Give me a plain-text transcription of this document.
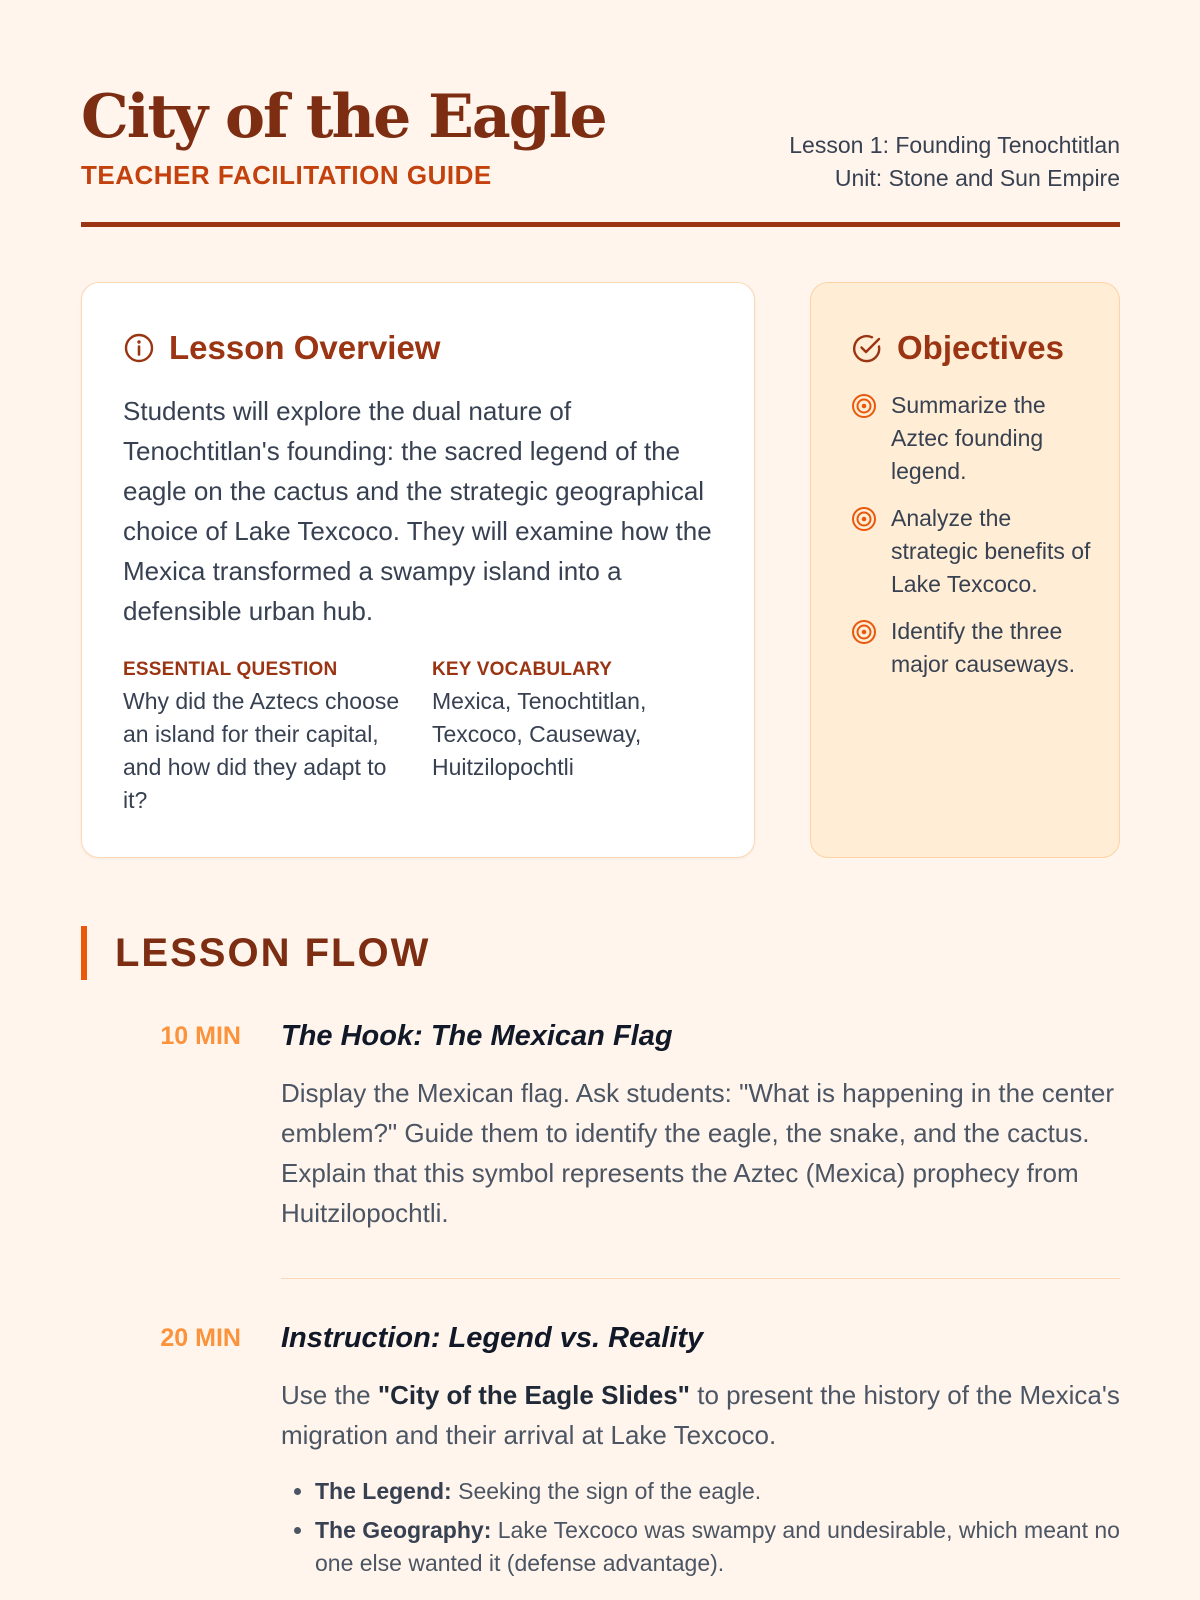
City of the Eagle
TEACHER FACILITATION GUIDE
Lesson 1: Founding Tenochtitlan
Unit: Stone and Sun Empire
Lesson Overview
Students will explore the dual nature of Tenochtitlan's founding: the sacred legend of the eagle on the cactus and the strategic geographical choice of Lake Texcoco. They will examine how the Mexica transformed a swampy island into a defensible urban hub.
ESSENTIAL QUESTION
Why did the Aztecs choose an island for their capital, and how did they adapt to it?
KEY VOCABULARY
Mexica, Tenochtitlan, Texcoco, Causeway, Huitzilopochtli
Objectives
Summarize the Aztec founding legend.
Analyze the strategic benefits of Lake Texcoco.
Identify the three major causeways.
LESSON FLOW
10 MIN The Hook: The Mexican Flag
Display the Mexican flag. Ask students: "What is happening in the center emblem?" Guide them to identify the eagle, the snake, and the cactus. Explain that this symbol represents the Aztec (Mexica) prophecy from Huitzilopochtli.
20 MIN Instruction: Legend vs. Reality
Use the "City of the Eagle Slides" to present the history of the Mexica's migration and their arrival at Lake Texcoco.
• The Legend: Seeking the sign of the eagle.
• The Geography: Lake Texcoco was swampy and undesirable, which meant no one else wanted it (defense advantage).
